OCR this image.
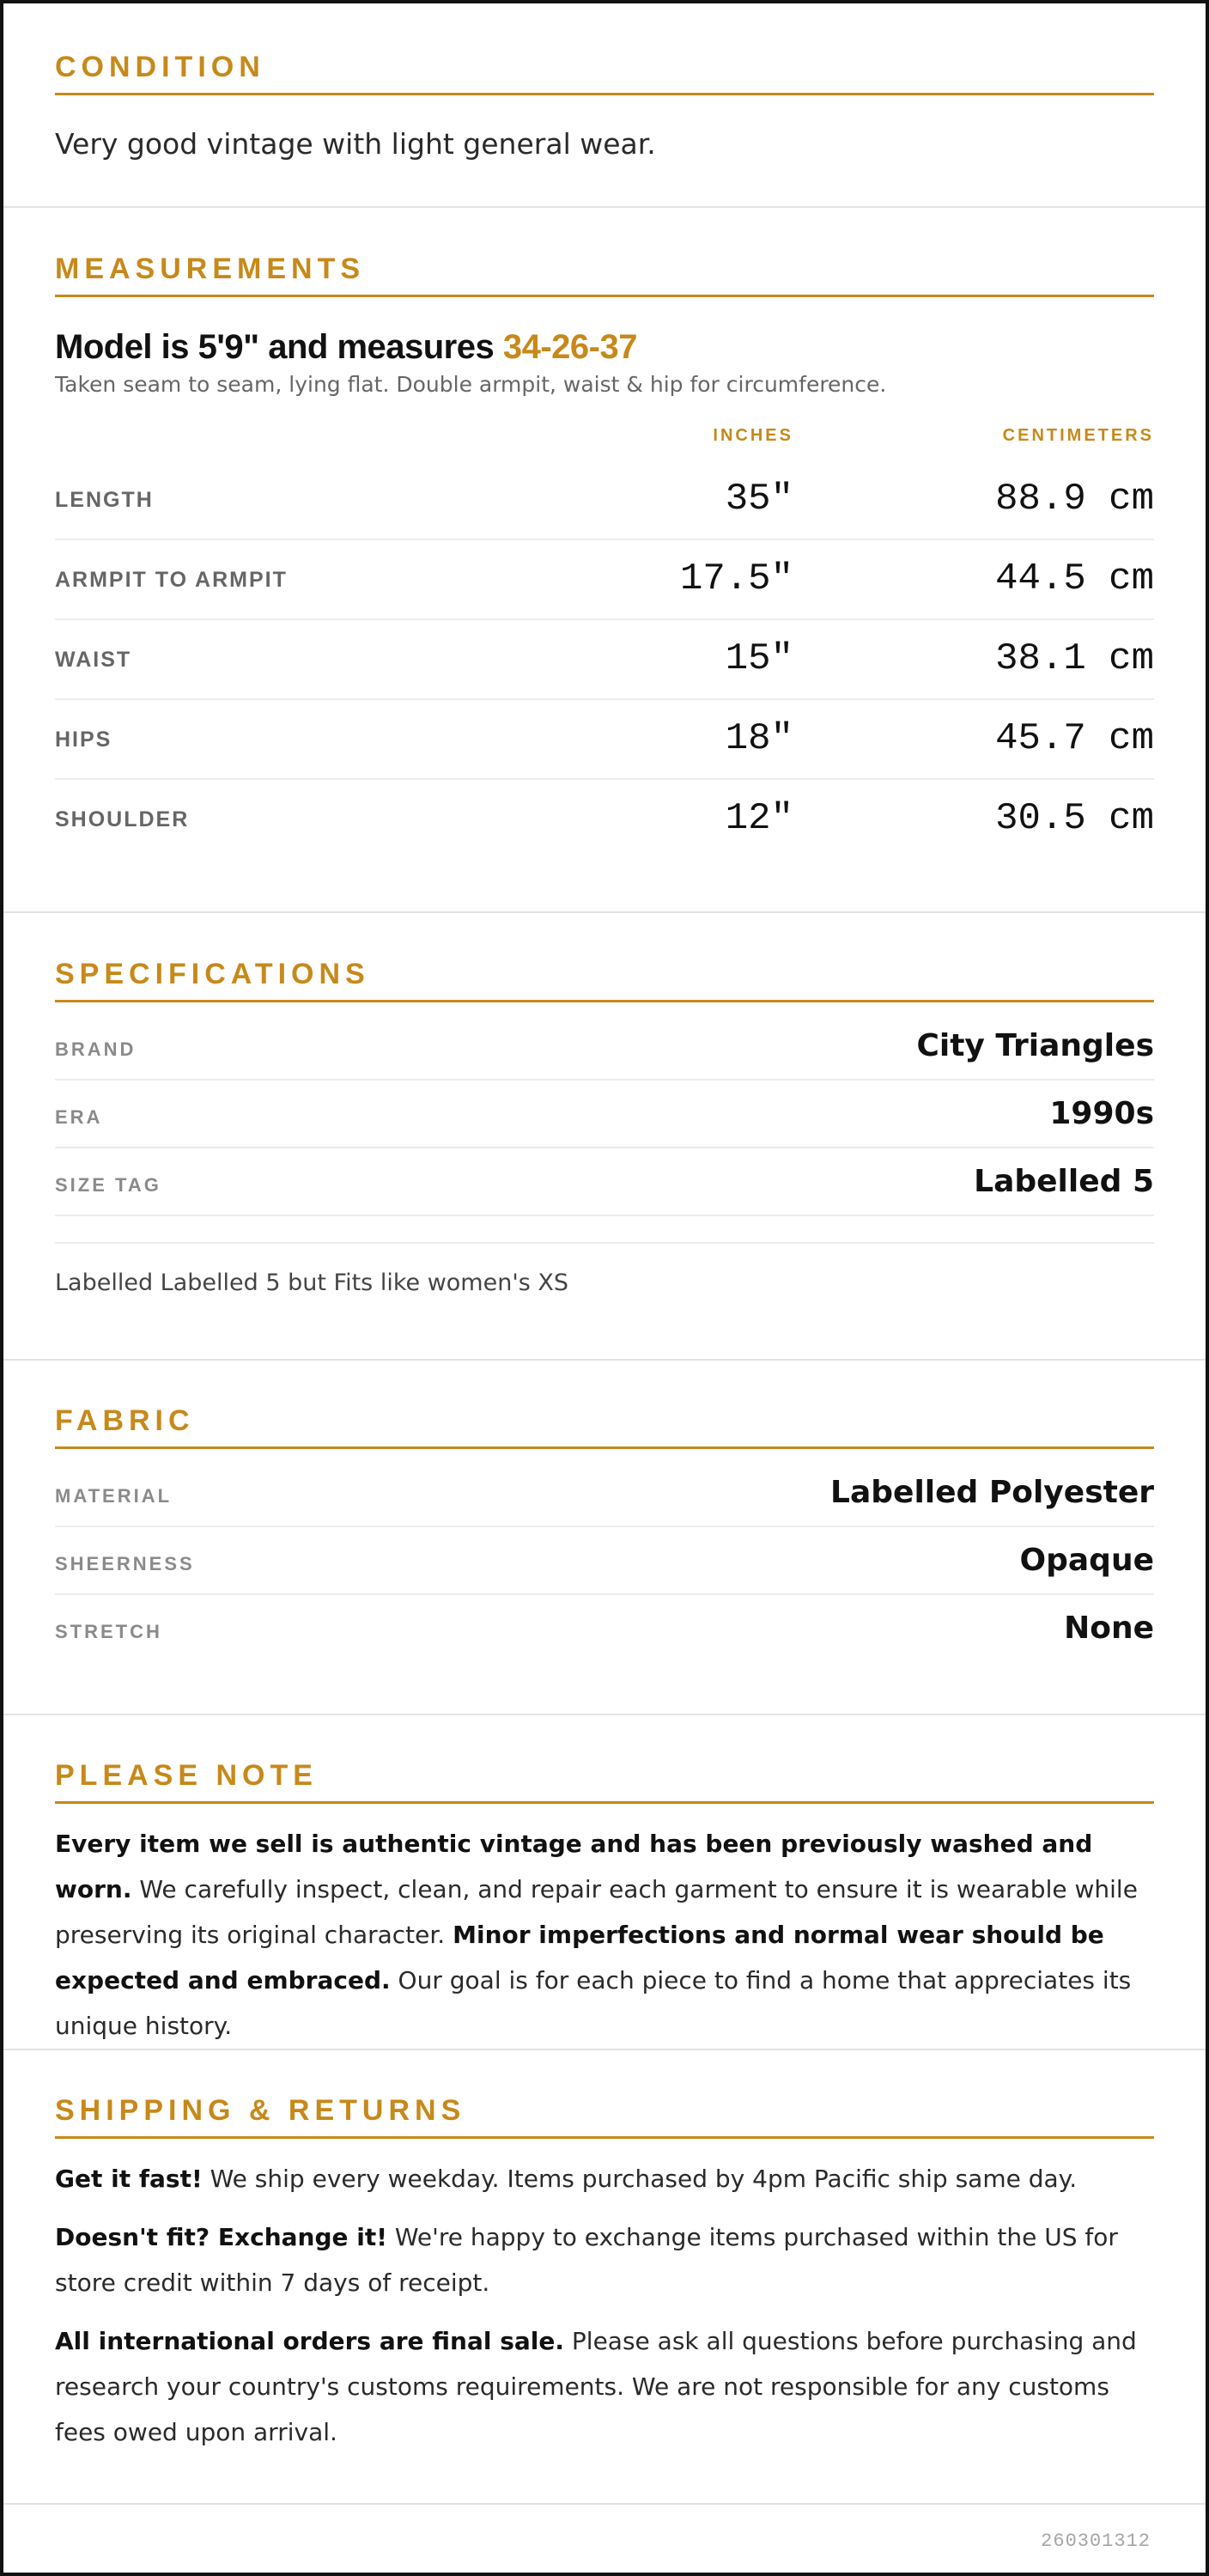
CONDITION
Very good vintage with light general wear.
MEASUREMENTS
Model is 5'9" and measures 34-26-37
Taken seam to seam, lying flat. Double armpit, waist & hip for circumference.
INCHES	CENTIMETERS
LENGTH	35"	88.9 cm
ARMPIT TO ARMPIT	17.5"	44.5 cm
WAIST	15"	38.1 cm
HIPS	18"	45.7 cm
SHOULDER	12"	30.5 cm
SPECIFICATIONS
BRAND	City Triangles
ERA	1990s
SIZE TAG	Labelled 5
Labelled Labelled 5 but Fits like women's XS
FABRIC
MATERIAL	Labelled Polyester
SHEERNESS	Opaque
STRETCH	None
PLEASE NOTE
Every item we sell is authentic vintage and has been previously washed and worn. We carefully inspect, clean, and repair each garment to ensure it is wearable while preserving its original character. Minor imperfections and normal wear should be expected and embraced. Our goal is for each piece to find a home that appreciates its unique history.
SHIPPING & RETURNS
Get it fast! We ship every weekday. Items purchased by 4pm Pacific ship same day.
Doesn't fit? Exchange it! We're happy to exchange items purchased within the US for store credit within 7 days of receipt.
All international orders are final sale. Please ask all questions before purchasing and research your country's customs requirements. We are not responsible for any customs fees owed upon arrival.
260301312
